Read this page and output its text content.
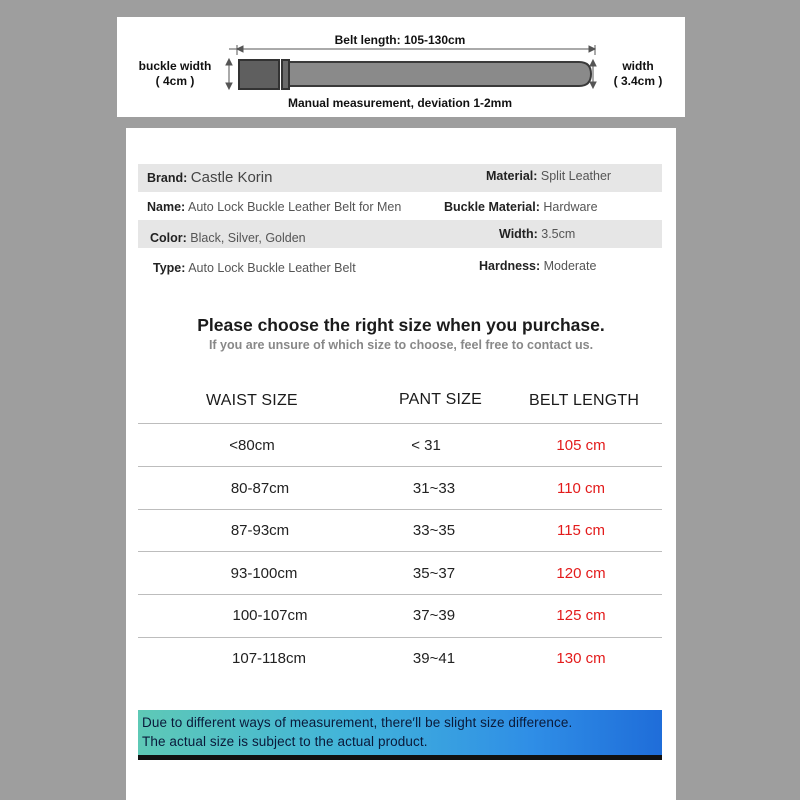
Belt length: 105-130cm
buckle width
( 4cm )
width
( 3.4cm )
Manual measurement, deviation 1-2mm
Brand: Castle Korin	Material: Split Leather
Name: Auto Lock Buckle Leather Belt for Men	Buckle Material: Hardware
Color: Black, Silver, Golden	Width: 3.5cm
Type: Auto Lock Buckle Leather Belt	Hardness: Moderate
Please choose the right size when you purchase.
If you are unsure of which size to choose, feel free to contact us.
WAIST SIZE	PANT SIZE	BELT LENGTH
<80cm	< 31	105 cm
80-87cm	31~33	110 cm
87-93cm	33~35	115 cm
93-100cm	35~37	120 cm
100-107cm	37~39	125 cm
107-118cm	39~41	130 cm
Due to different ways of measurement, there′ll be slight size difference.
The actual size is subject to the actual product.
